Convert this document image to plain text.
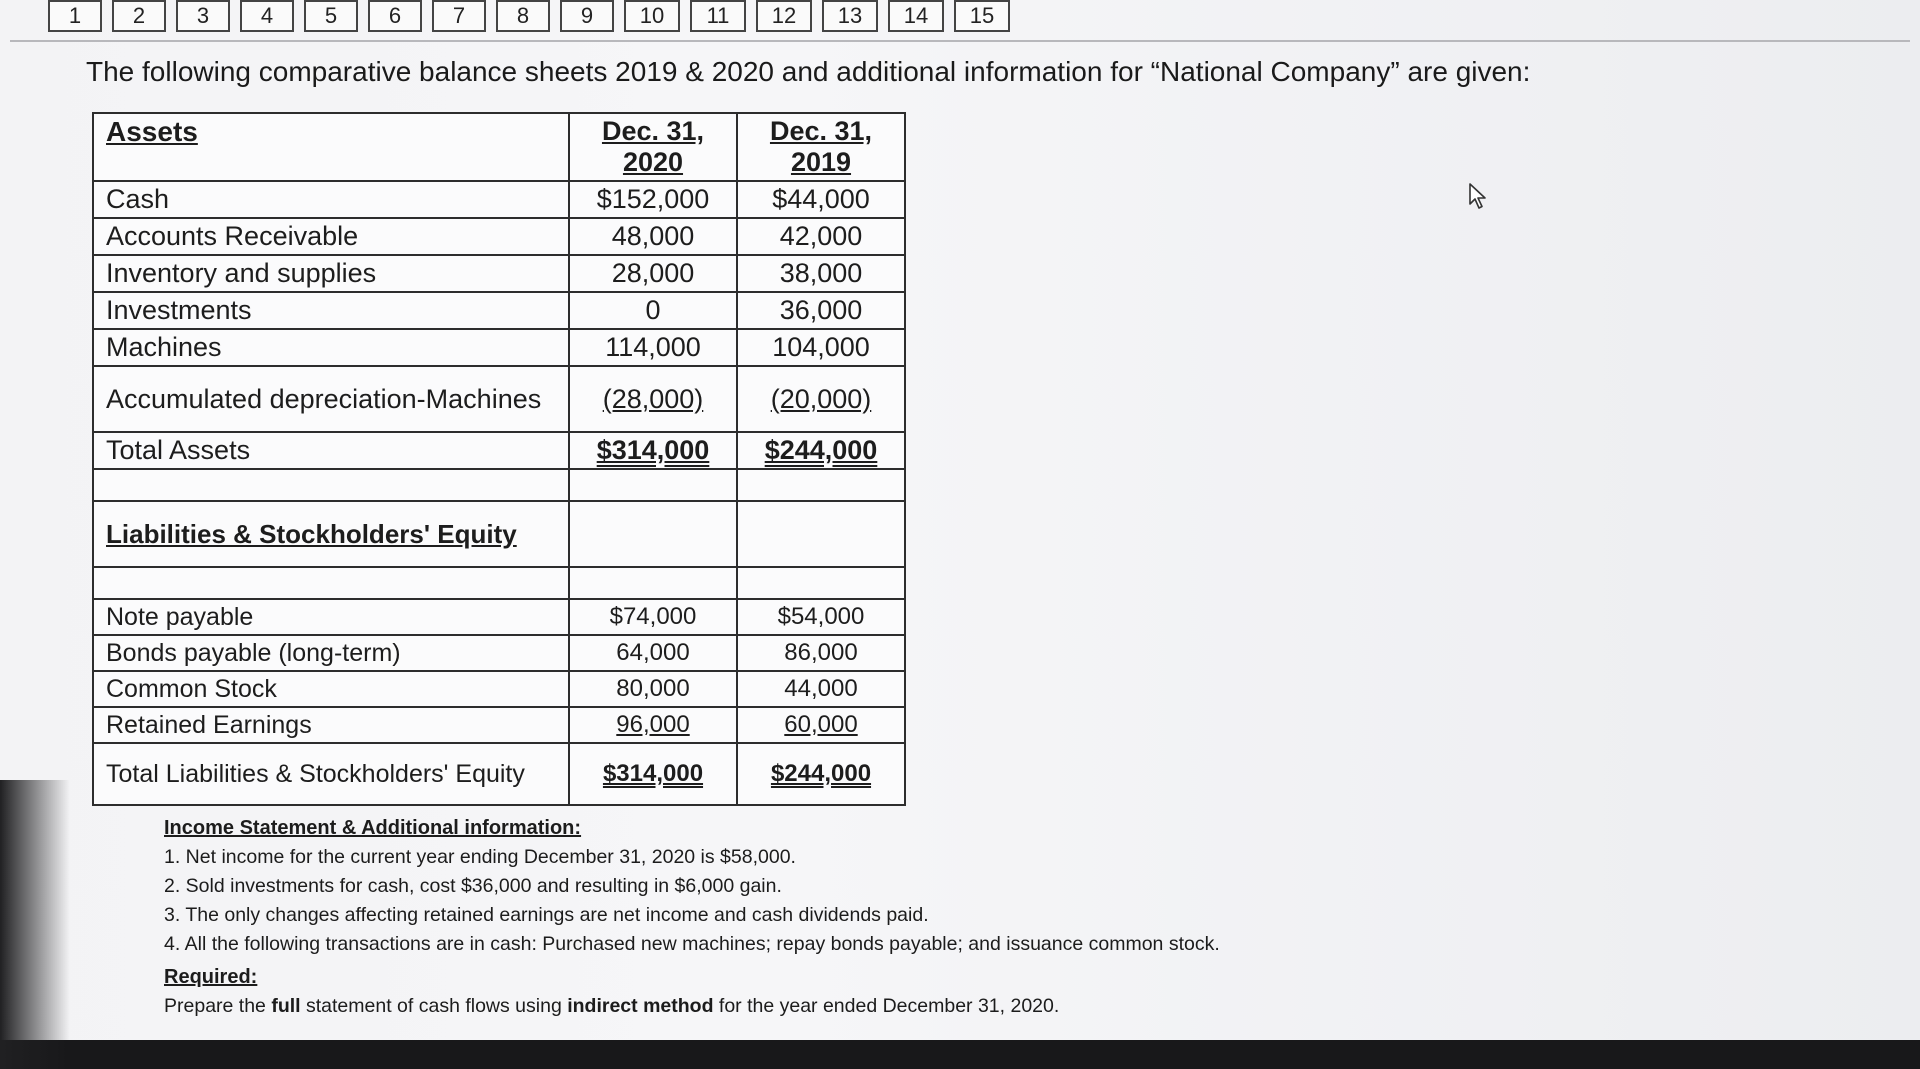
1	2	3	4	5	6	7	8	9	10	11	12	13	14	15
The following comparative balance sheets 2019 & 2020 and additional information for “National Company” are given:
Assets	Dec. 31, 2020	Dec. 31, 2019
Cash	$152,000	$44,000
Accounts Receivable	48,000	42,000
Inventory and supplies	28,000	38,000
Investments	0	36,000
Machines	114,000	104,000
Accumulated depreciation-Machines	(28,000)	(20,000)
Total Assets	$314,000	$244,000

Liabilities & Stockholders' Equity		

Note payable	$74,000	$54,000
Bonds payable (long-term)	64,000	86,000
Common Stock	80,000	44,000
Retained Earnings	96,000	60,000
Total Liabilities & Stockholders' Equity	$314,000	$244,000
Income Statement & Additional information:
1. Net income for the current year ending December 31, 2020 is $58,000.
2. Sold investments for cash, cost $36,000 and resulting in $6,000 gain.
3. The only changes affecting retained earnings are net income and cash dividends paid.
4. All the following transactions are in cash: Purchased new machines; repay bonds payable; and issuance common stock.
Required:
Prepare the full statement of cash flows using indirect method for the year ended December 31, 2020.
